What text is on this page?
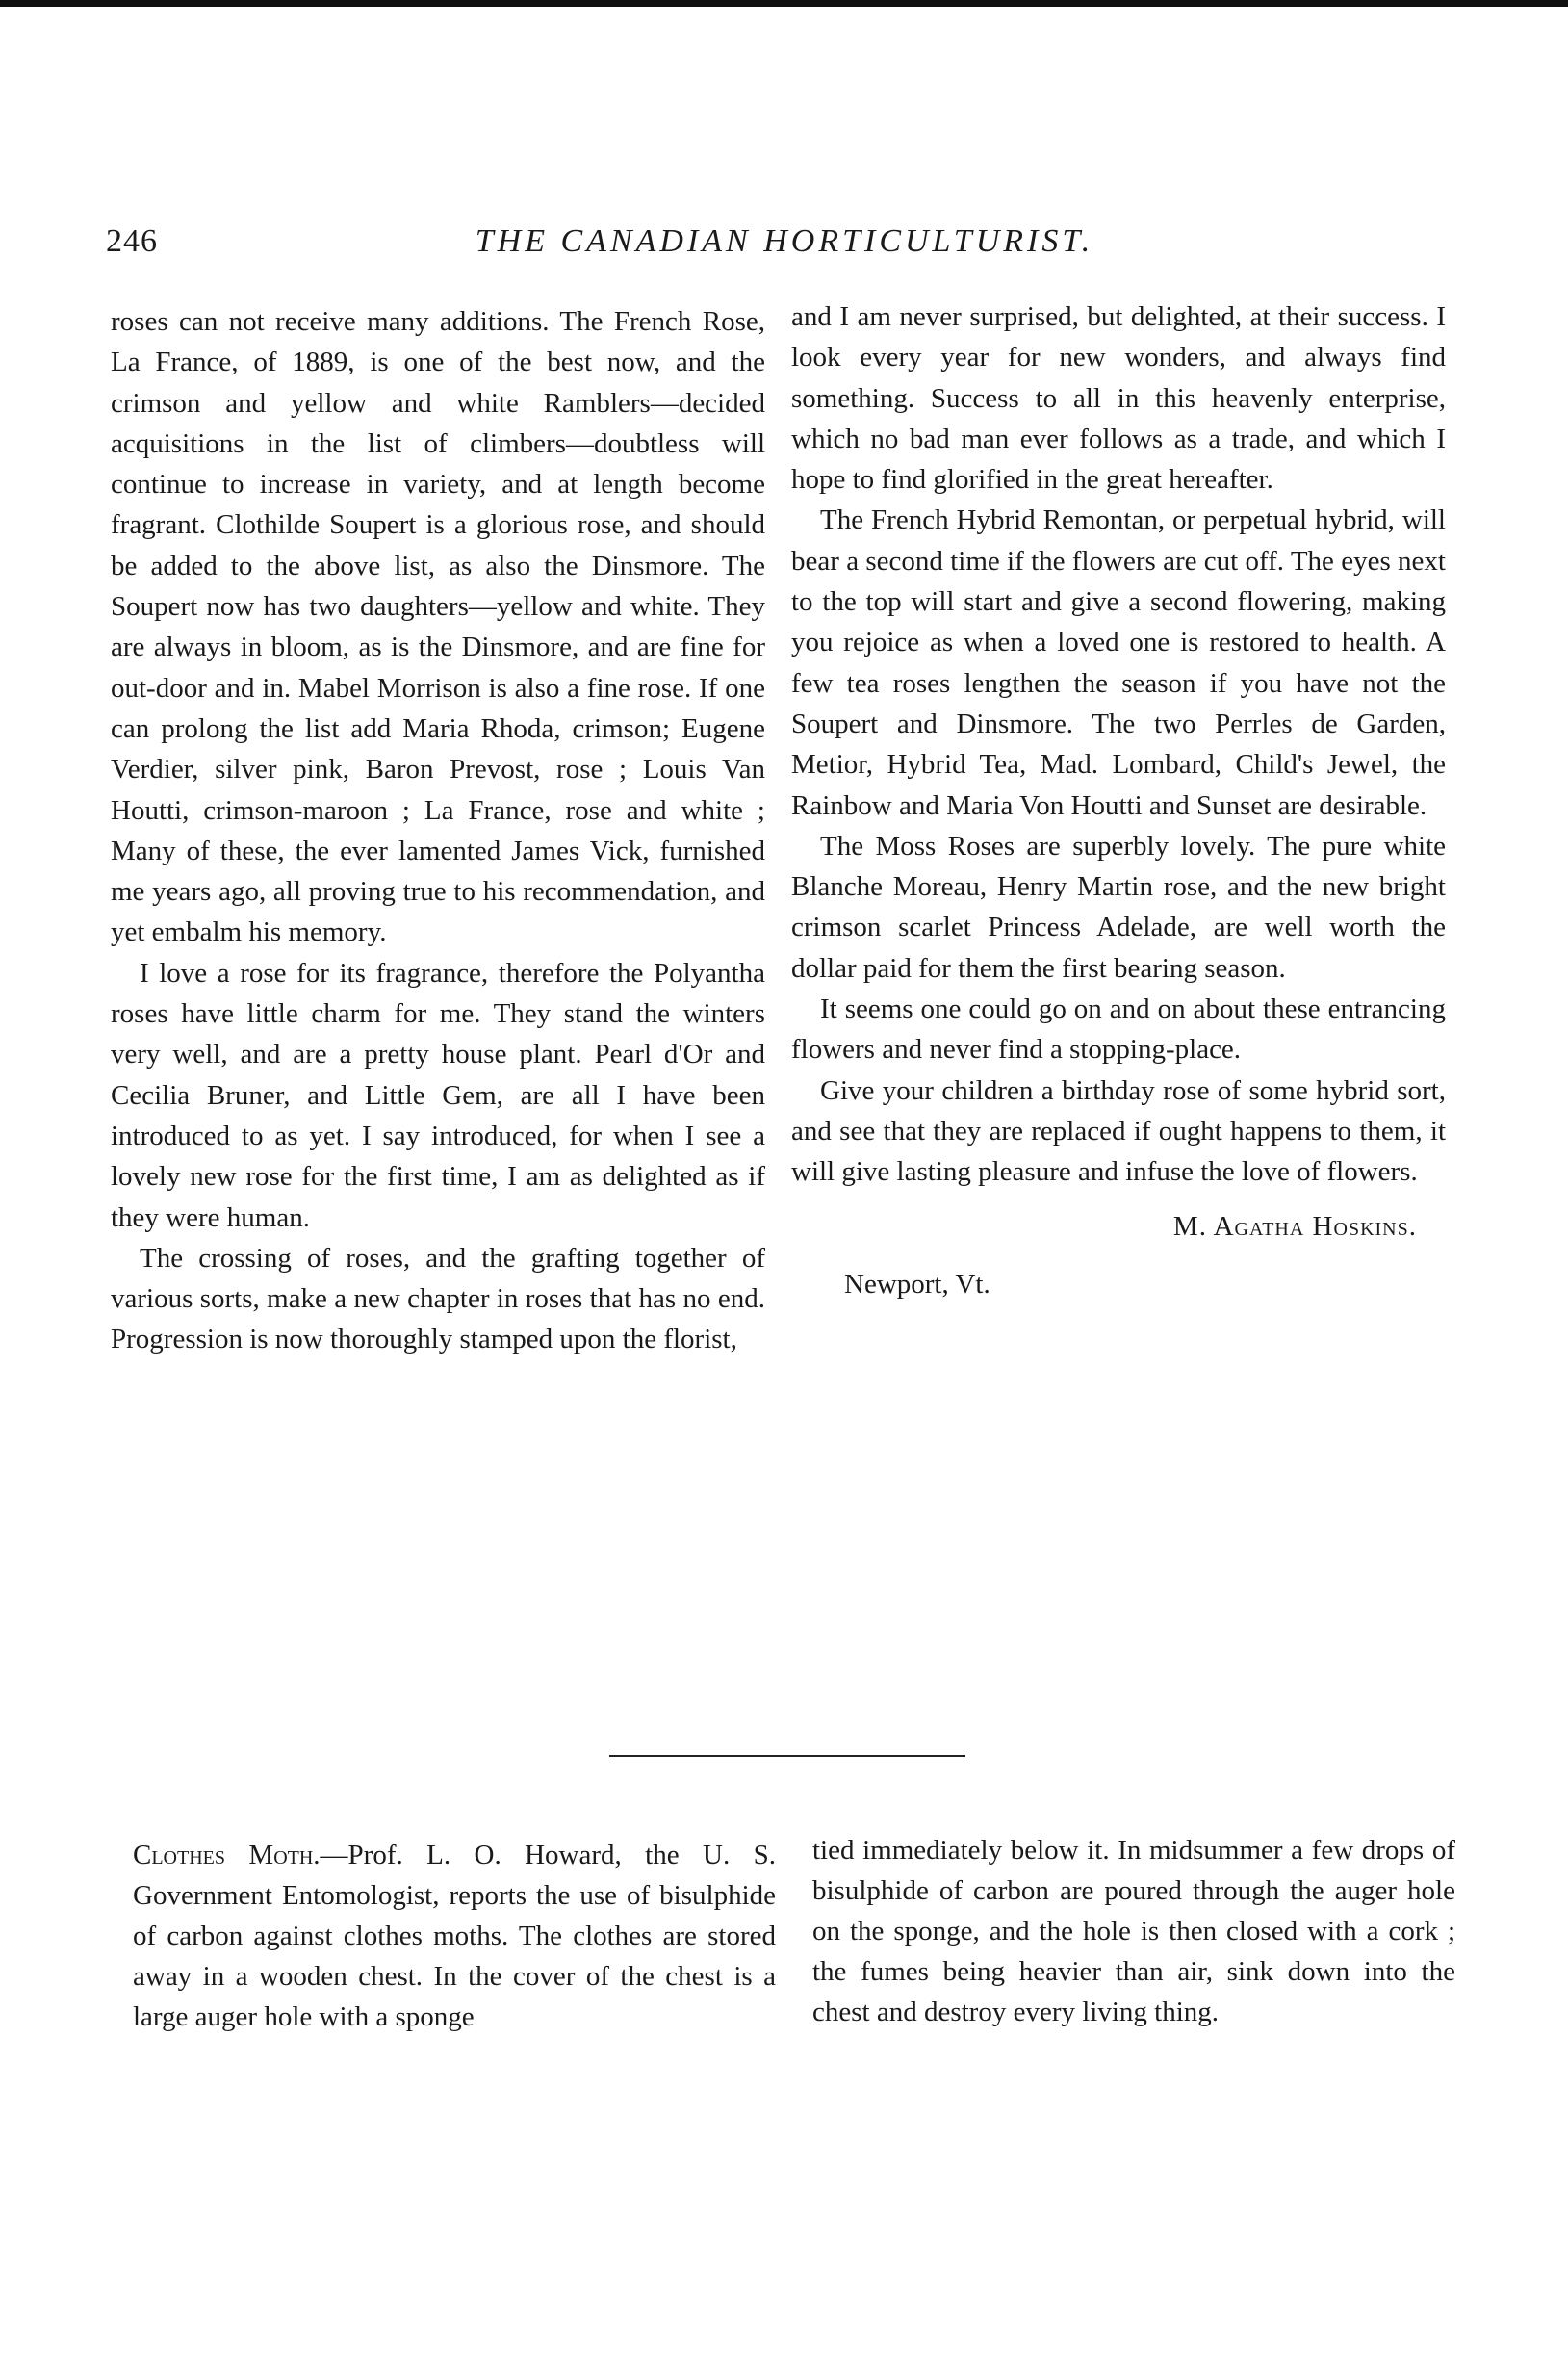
246	THE CANADIAN HORTICULTURIST.

roses can not receive many additions. The French Rose, La France, of 1889, is one of the best now, and the crimson and yellow and white Ramblers—decided acquisitions in the list of climbers—doubtless will continue to increase in variety, and at length become fragrant. Clothilde Soupert is a glorious rose, and should be added to the above list, as also the Dinsmore. The Soupert now has two daughters—yellow and white. They are always in bloom, as is the Dinsmore, and are fine for out-door and in. Mabel Morrison is also a fine rose. If one can prolong the list add Maria Rhoda, crimson; Eugene Verdier, silver pink, Baron Prevost, rose ; Louis Van Houtti, crimson-maroon ; La France, rose and white ; Many of these, the ever lamented James Vick, furnished me years ago, all proving true to his recommendation, and yet embalm his memory.

I love a rose for its fragrance, therefore the Polyantha roses have little charm for me. They stand the winters very well, and are a pretty house plant. Pearl d'Or and Cecilia Bruner, and Little Gem, are all I have been introduced to as yet. I say introduced, for when I see a lovely new rose for the first time, I am as delighted as if they were human.

The crossing of roses, and the grafting together of various sorts, make a new chapter in roses that has no end. Progression is now thoroughly stamped upon the florist,

and I am never surprised, but delighted, at their success. I look every year for new wonders, and always find something. Success to all in this heavenly enterprise, which no bad man ever follows as a trade, and which I hope to find glorified in the great hereafter.

The French Hybrid Remontan, or perpetual hybrid, will bear a second time if the flowers are cut off. The eyes next to the top will start and give a second flowering, making you rejoice as when a loved one is restored to health. A few tea roses lengthen the season if you have not the Soupert and Dinsmore. The two Perrles de Garden, Metior, Hybrid Tea, Mad. Lombard, Child's Jewel, the Rainbow and Maria Von Houtti and Sunset are desirable.

The Moss Roses are superbly lovely. The pure white Blanche Moreau, Henry Martin rose, and the new bright crimson scarlet Princess Adelade, are well worth the dollar paid for them the first bearing season.

It seems one could go on and on about these entrancing flowers and never find a stopping-place.

Give your children a birthday rose of some hybrid sort, and see that they are replaced if ought happens to them, it will give lasting pleasure and infuse the love of flowers.

M. Agatha Hoskins.
Newport, Vt.

Clothes Moth.—Prof. L. O. Howard, the U. S. Government Entomologist, reports the use of bisulphide of carbon against clothes moths. The clothes are stored away in a wooden chest. In the cover of the chest is a large auger hole with a sponge

tied immediately below it. In midsummer a few drops of bisulphide of carbon are poured through the auger hole on the sponge, and the hole is then closed with a cork ; the fumes being heavier than air, sink down into the chest and destroy every living thing.
